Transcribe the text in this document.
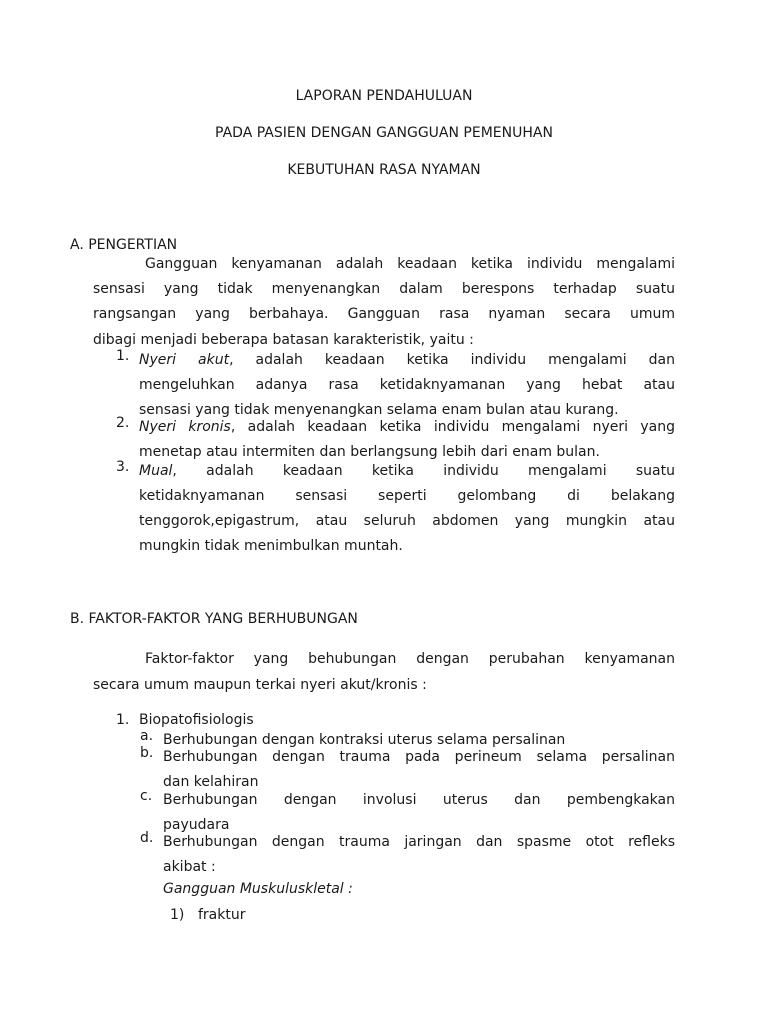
LAPORAN PENDAHULUAN
PADA PASIEN DENGAN GANGGUAN PEMENUHAN
KEBUTUHAN RASA NYAMAN
A. PENGERTIAN
Gangguan kenyamanan adalah keadaan ketika individu mengalami
sensasi yang tidak menyenangkan dalam berespons terhadap suatu
rangsangan yang berbahaya. Gangguan rasa nyaman secara umum
dibagi menjadi beberapa batasan karakteristik, yaitu :
1. Nyeri akut, adalah keadaan ketika individu mengalami dan
mengeluhkan adanya rasa ketidaknyamanan yang hebat atau
sensasi yang tidak menyenangkan selama enam bulan atau kurang.
2. Nyeri kronis, adalah keadaan ketika individu mengalami nyeri yang
menetap atau intermiten dan berlangsung lebih dari enam bulan.
3. Mual, adalah keadaan ketika individu mengalami suatu
ketidaknyamanan sensasi seperti gelombang di belakang
tenggorok,epigastrum, atau seluruh abdomen yang mungkin atau
mungkin tidak menimbulkan muntah.
B. FAKTOR-FAKTOR YANG BERHUBUNGAN
Faktor-faktor yang behubungan dengan perubahan kenyamanan
secara umum maupun terkai nyeri akut/kronis :
1. Biopatofisiologis
a. Berhubungan dengan kontraksi uterus selama persalinan
b. Berhubungan dengan trauma pada perineum selama persalinan
dan kelahiran
c. Berhubungan dengan involusi uterus dan pembengkakan
payudara
d. Berhubungan dengan trauma jaringan dan spasme otot refleks
akibat :
Gangguan Muskuluskletal :
1) fraktur
